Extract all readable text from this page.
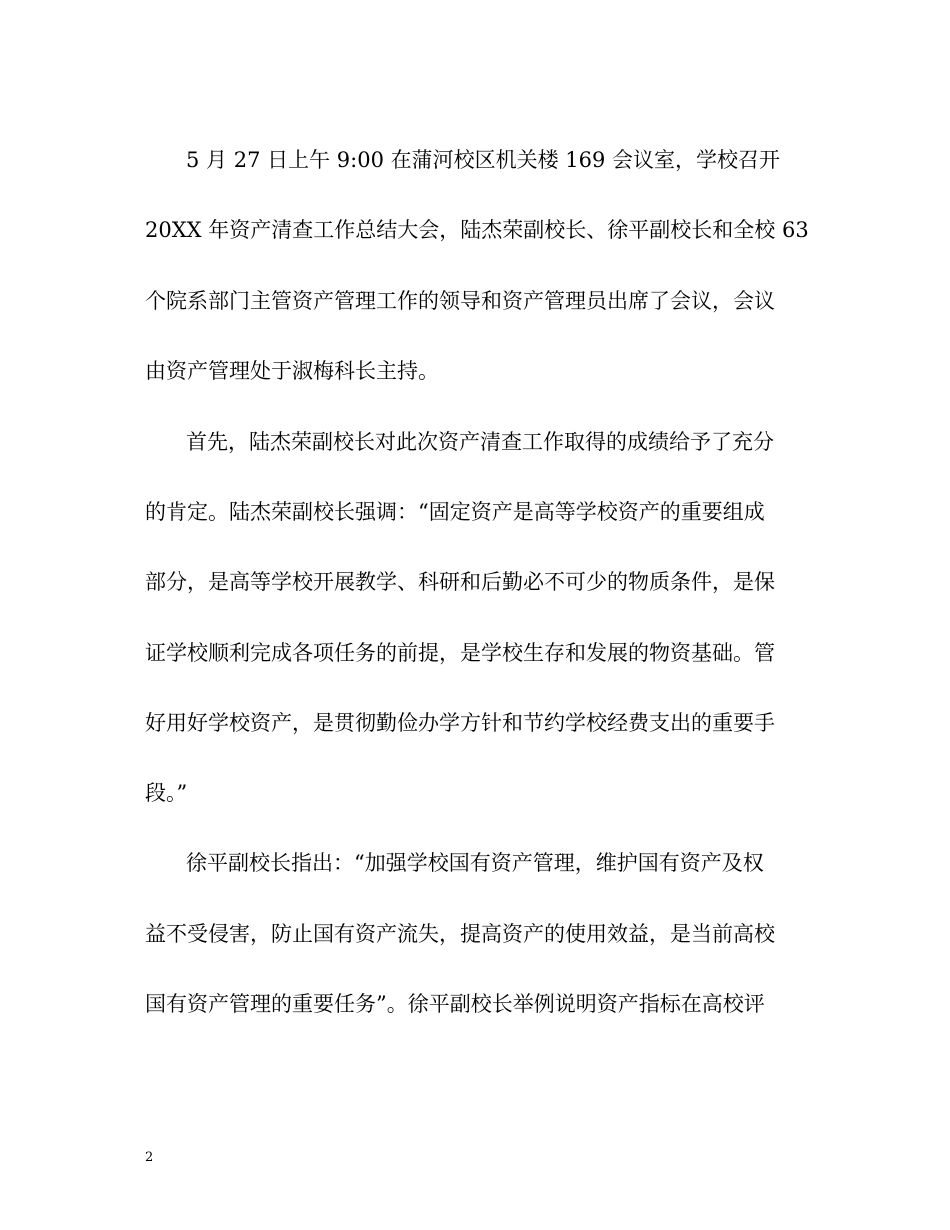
5 月 27 日上午 9:00 在蒲河校区机关楼 169 会议室，学校召开
20XX 年资产清查工作总结大会，陆杰荣副校长、徐平副校长和全校 63
个院系部门主管资产管理工作的领导和资产管理员出席了会议，会议
由资产管理处于淑梅科长主持。
首先，陆杰荣副校长对此次资产清查工作取得的成绩给予了充分
的肯定。陆杰荣副校长强调：“固定资产是高等学校资产的重要组成
部分，是高等学校开展教学、科研和后勤必不可少的物质条件，是保
证学校顺利完成各项任务的前提，是学校生存和发展的物资基础。管
好用好学校资产，是贯彻勤俭办学方针和节约学校经费支出的重要手
段。”
徐平副校长指出：“加强学校国有资产管理，维护国有资产及权
益不受侵害，防止国有资产流失，提高资产的使用效益，是当前高校
国有资产管理的重要任务”。徐平副校长举例说明资产指标在高校评
2
